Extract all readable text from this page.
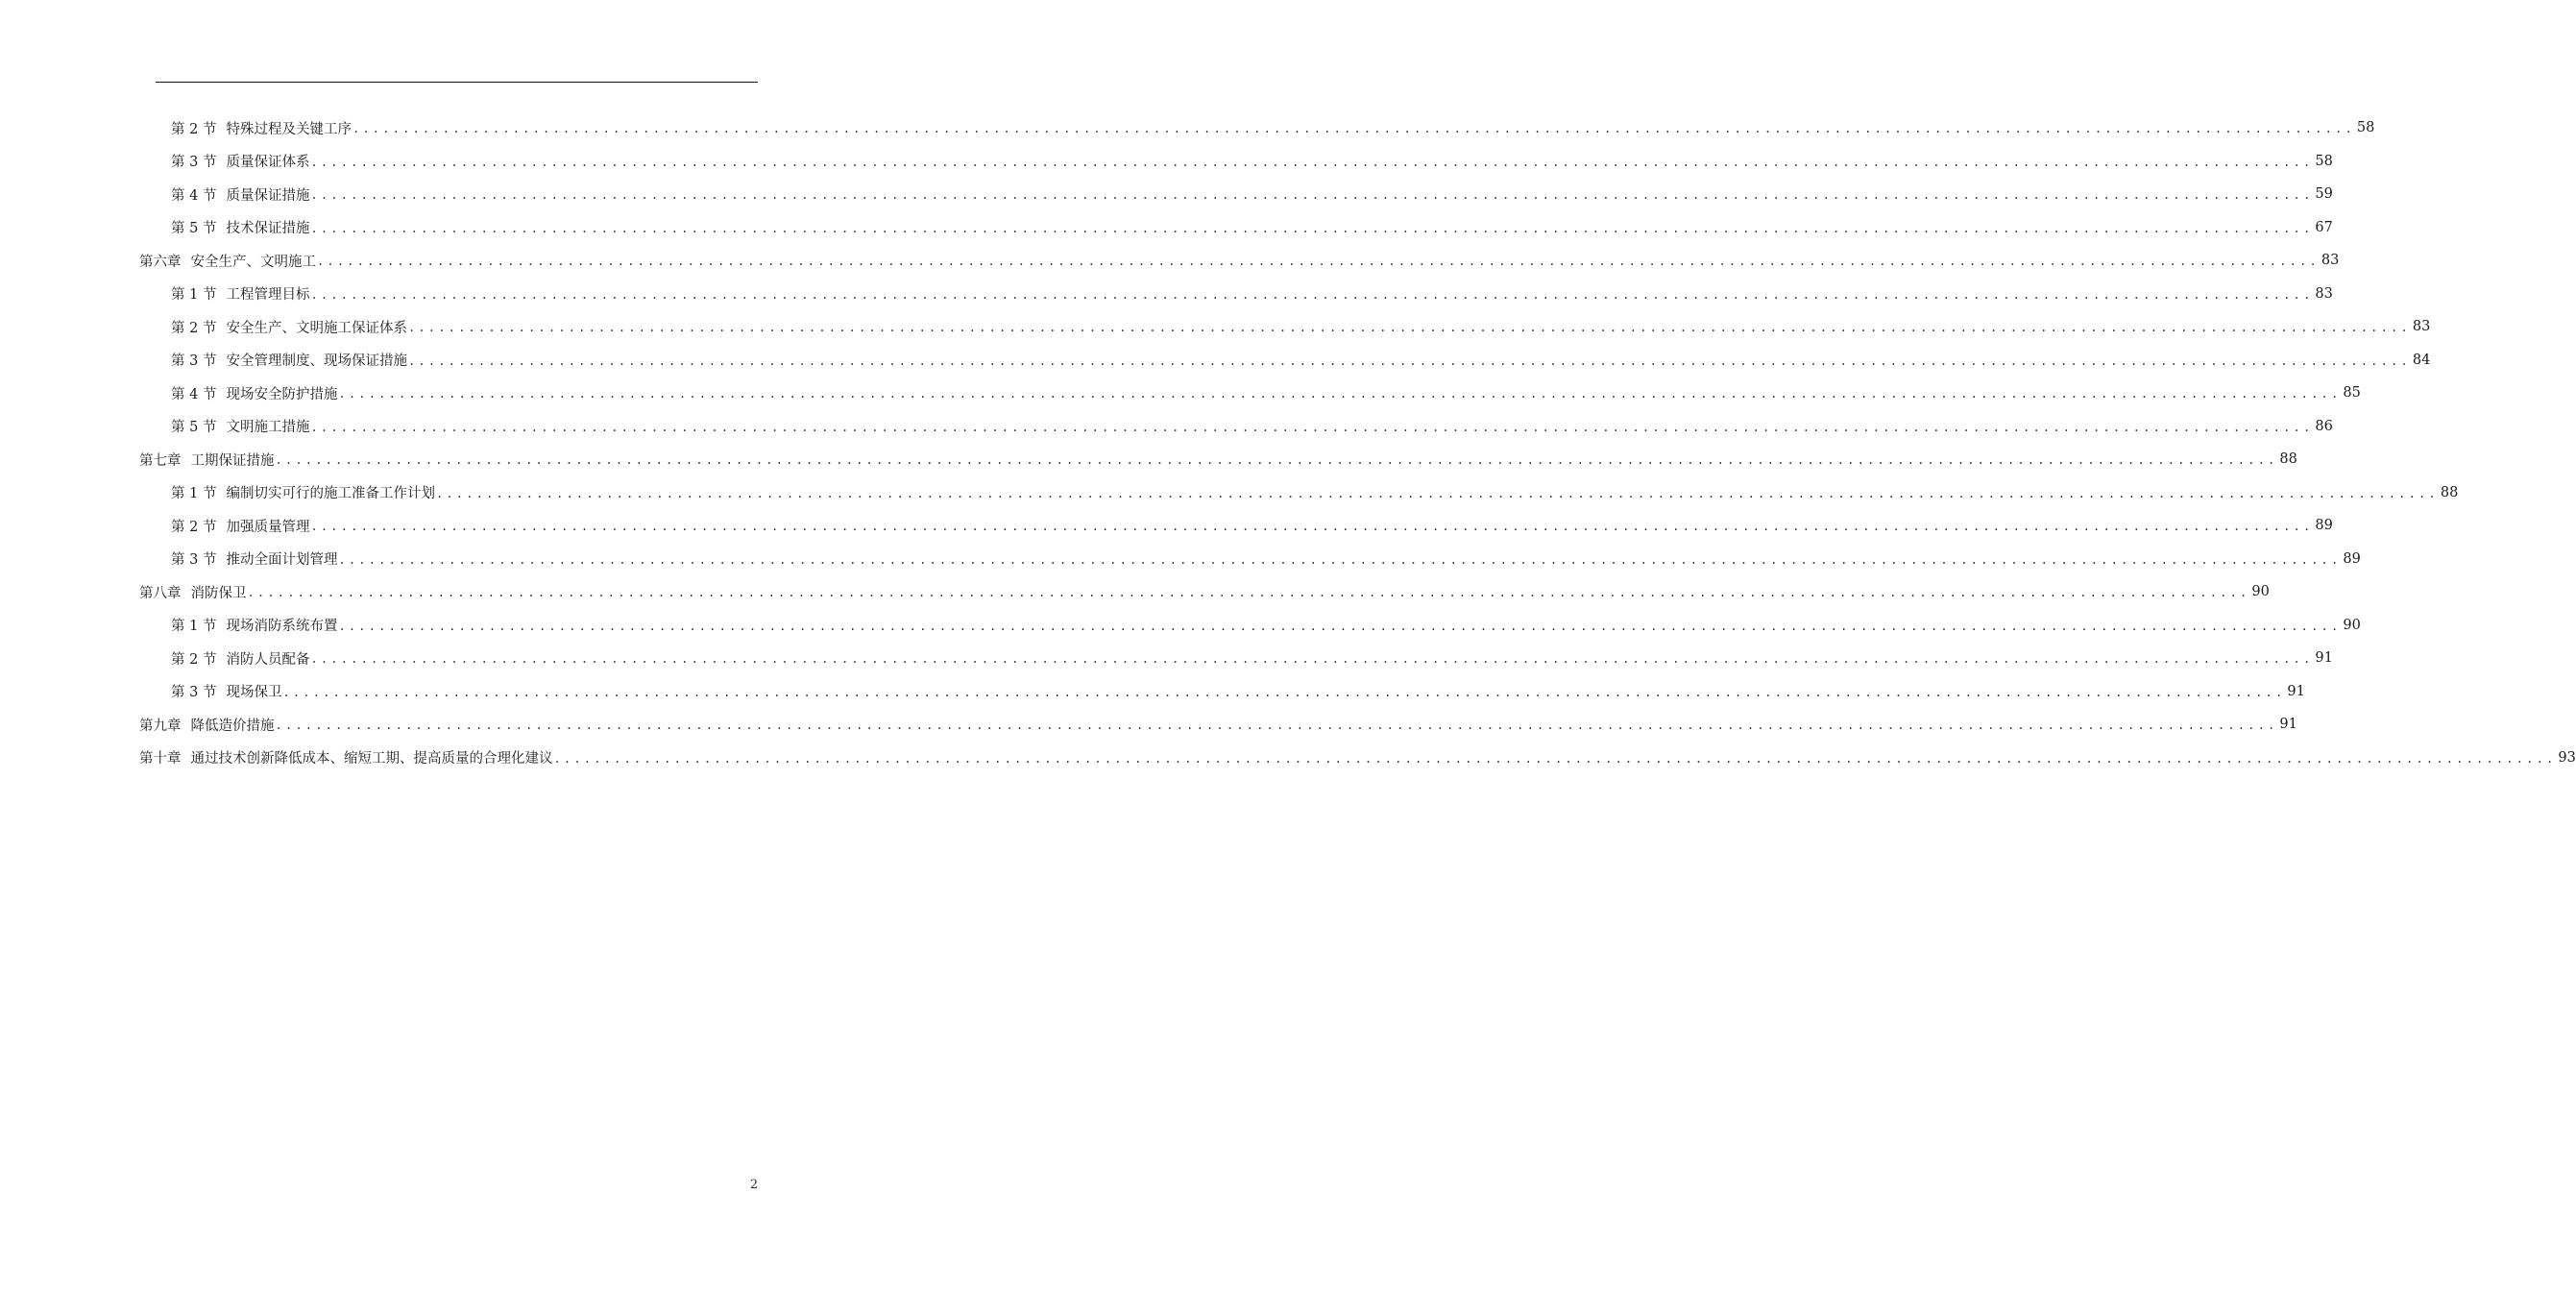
第 2 节 特殊过程及关键工序 ........................................................................................................................................................................................................ 58
第 3 节 质量保证体系 ........................................................................................................................................................................................................ 58
第 4 节 质量保证措施 ........................................................................................................................................................................................................ 59
第 5 节 技术保证措施 ........................................................................................................................................................................................................ 67
第六章 安全生产、文明施工 ........................................................................................................................................................................................................ 83
第 1 节 工程管理目标 ........................................................................................................................................................................................................ 83
第 2 节 安全生产、文明施工保证体系 ........................................................................................................................................................................................................ 83
第 3 节 安全管理制度、现场保证措施 ........................................................................................................................................................................................................ 84
第 4 节 现场安全防护措施 ........................................................................................................................................................................................................ 85
第 5 节 文明施工措施 ........................................................................................................................................................................................................ 86
第七章 工期保证措施 ........................................................................................................................................................................................................ 88
第 1 节 编制切实可行的施工准备工作计划 ........................................................................................................................................................................................................ 88
第 2 节 加强质量管理 ........................................................................................................................................................................................................ 89
第 3 节 推动全面计划管理 ........................................................................................................................................................................................................ 89
第八章 消防保卫 ........................................................................................................................................................................................................ 90
第 1 节 现场消防系统布置 ........................................................................................................................................................................................................ 90
第 2 节 消防人员配备 ........................................................................................................................................................................................................ 91
第 3 节 现场保卫 ........................................................................................................................................................................................................ 91
第九章 降低造价措施 ........................................................................................................................................................................................................ 91
第十章 通过技术创新降低成本、缩短工期、提高质量的合理化建议 ........................................................................................................................................................................................................ 93
2
